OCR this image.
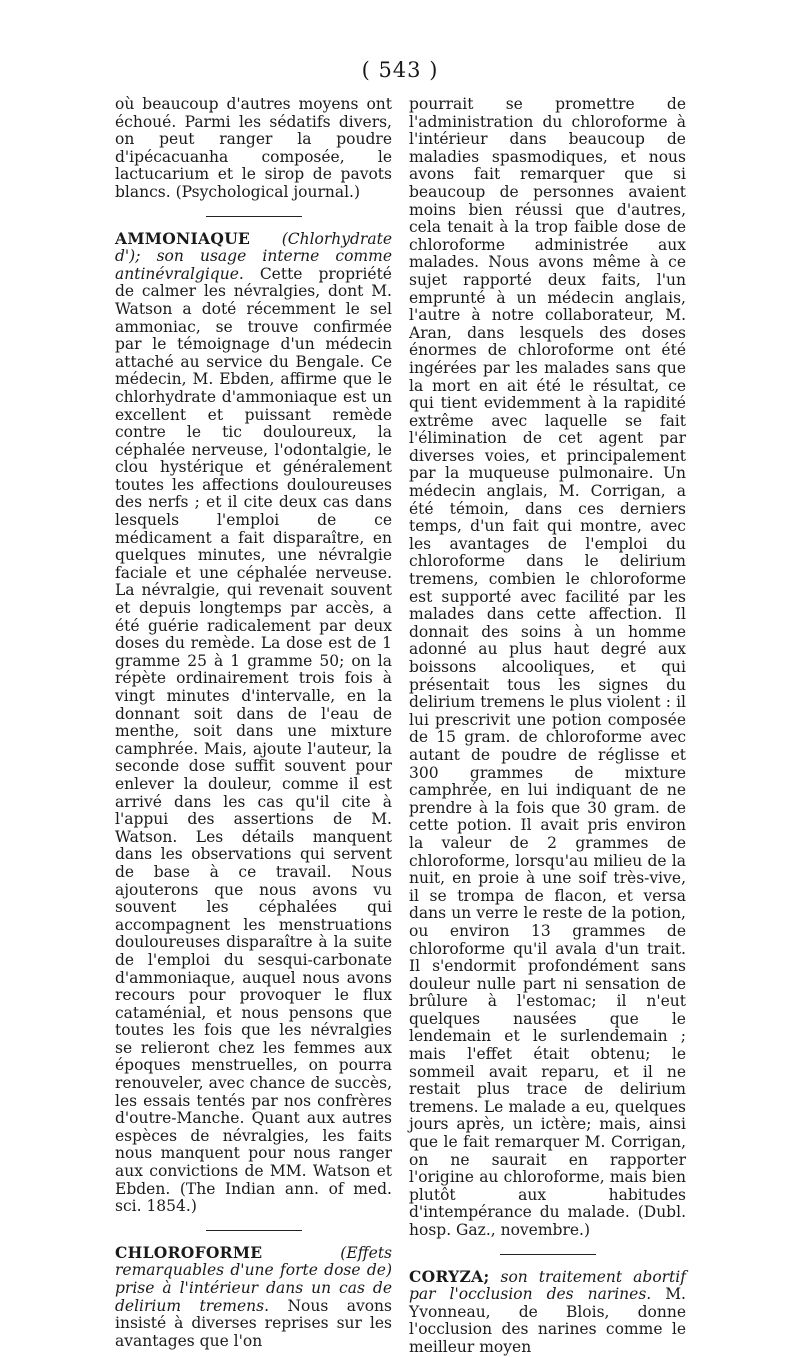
( 543 )

où beaucoup d'autres moyens ont échoué. Parmi les sédatifs divers, on peut ranger la poudre d'ipécacuanha composée, le lactucarium et le sirop de pavots blancs. (Psychological journal.)

AMMONIAQUE (Chlorhydrate d'); son usage interne comme antinévralgique. Cette propriété de calmer les névralgies, dont M. Watson a doté récemment le sel ammoniac, se trouve confirmée par le témoignage d'un médecin attaché au service du Bengale. Ce médecin, M. Ebden, affirme que le chlorhydrate d'ammoniaque est un excellent et puissant remède contre le tic douloureux, la céphalée nerveuse, l'odontalgie, le clou hystérique et généralement toutes les affections douloureuses des nerfs ; et il cite deux cas dans lesquels l'emploi de ce médicament a fait disparaître, en quelques minutes, une névralgie faciale et une céphalée nerveuse. La névralgie, qui revenait souvent et depuis longtemps par accès, a été guérie radicalement par deux doses du remède. La dose est de 1 gramme 25 à 1 gramme 50; on la répète ordinairement trois fois à vingt minutes d'intervalle, en la donnant soit dans de l'eau de menthe, soit dans une mixture camphrée. Mais, ajoute l'auteur, la seconde dose suffit souvent pour enlever la douleur, comme il est arrivé dans les cas qu'il cite à l'appui des assertions de M. Watson. Les détails manquent dans les observations qui servent de base à ce travail. Nous ajouterons que nous avons vu souvent les céphalées qui accompagnent les menstruations douloureuses disparaître à la suite de l'emploi du sesqui-carbonate d'ammoniaque, auquel nous avons recours pour provoquer le flux cataménial, et nous pensons que toutes les fois que les névralgies se relieront chez les femmes aux époques menstruelles, on pourra renouveler, avec chance de succès, les essais tentés par nos confrères d'outre-Manche. Quant aux autres espèces de névralgies, les faits nous manquent pour nous ranger aux convictions de MM. Watson et Ebden. (The Indian ann. of med. sci. 1854.)

CHLOROFORME	(Effets remarquables d'une forte dose de) prise à l'intérieur dans un cas de delirium tremens. Nous avons insisté à diverses reprises sur les avantages que l'on

pourrait se promettre de l'administration du chloroforme à l'intérieur dans beaucoup de maladies spasmodiques, et nous avons fait remarquer que si beaucoup de personnes avaient moins bien réussi que d'autres, cela tenait à la trop faible dose de chloroforme administrée aux malades. Nous avons même à ce sujet rapporté deux faits, l'un emprunté à un médecin anglais, l'autre à notre collaborateur, M. Aran, dans lesquels des doses énormes de chloroforme ont été ingérées par les malades sans que la mort en ait été le résultat, ce qui tient evidemment à la rapidité extrême avec laquelle se fait l'élimination de cet agent par diverses voies, et principalement par la muqueuse pulmonaire. Un médecin anglais, M. Corrigan, a été témoin, dans ces derniers temps, d'un fait qui montre, avec les avantages de l'emploi du chloroforme dans le delirium tremens, combien le chloroforme est supporté avec facilité par les malades dans cette affection. Il donnait des soins à un homme adonné au plus haut degré aux boissons alcooliques, et qui présentait tous les signes du delirium tremens le plus violent : il lui prescrivit une potion composée de 15 gram. de chloroforme avec autant de poudre de réglisse et 300 grammes de mixture camphrée, en lui indiquant de ne prendre à la fois que 30 gram. de cette potion. Il avait pris environ la valeur de 2 grammes de chloroforme, lorsqu'au milieu de la nuit, en proie à une soif très-vive, il se trompa de flacon, et versa dans un verre le reste de la potion, ou environ 13 grammes de chloroforme qu'il avala d'un trait. Il s'endormit profondément sans douleur nulle part ni sensation de brûlure à l'estomac; il n'eut quelques nausées que le lendemain et le surlendemain ; mais l'effet était obtenu; le sommeil avait reparu, et il ne restait plus trace de delirium tremens. Le malade a eu, quelques jours après, un ictère; mais, ainsi que le fait remarquer M. Corrigan, on ne saurait en rapporter l'origine au chloroforme, mais bien plutôt aux habitudes d'intempérance du malade. (Dubl. hosp. Gaz., novembre.)

CORYZA; son traitement abortif par l'occlusion des narines. M. Yvonneau, de Blois, donne l'occlusion des narines comme le meilleur moyen
